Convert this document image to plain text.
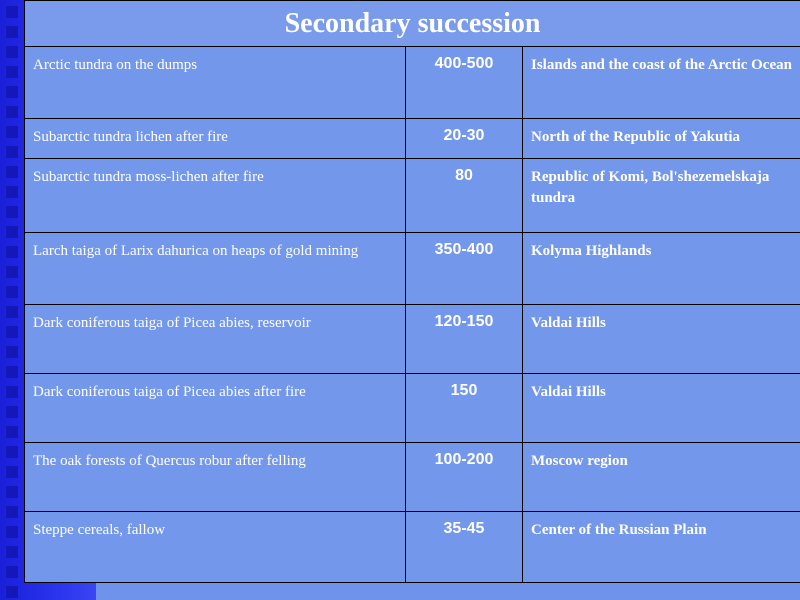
Secondary succession		
Arctic tundra on the dumps	400-500	Islands and the coast of the Arctic Ocean
Subarctic tundra lichen after fire	20-30	North of the Republic of Yakutia
Subarctic tundra moss-lichen after fire	80	Republic of Komi, Bol'shezemelskaja tundra
Larch taiga of Larix dahurica on heaps of gold mining	350-400	Kolyma Highlands
Dark coniferous taiga of Picea abies, reservoir	120-150	Valdai Hills
Dark coniferous taiga of Picea abies after fire	150	Valdai Hills
The oak forests of Quercus robur after felling	100-200	Moscow region
Steppe cereals, fallow	35-45	Center of the Russian Plain
